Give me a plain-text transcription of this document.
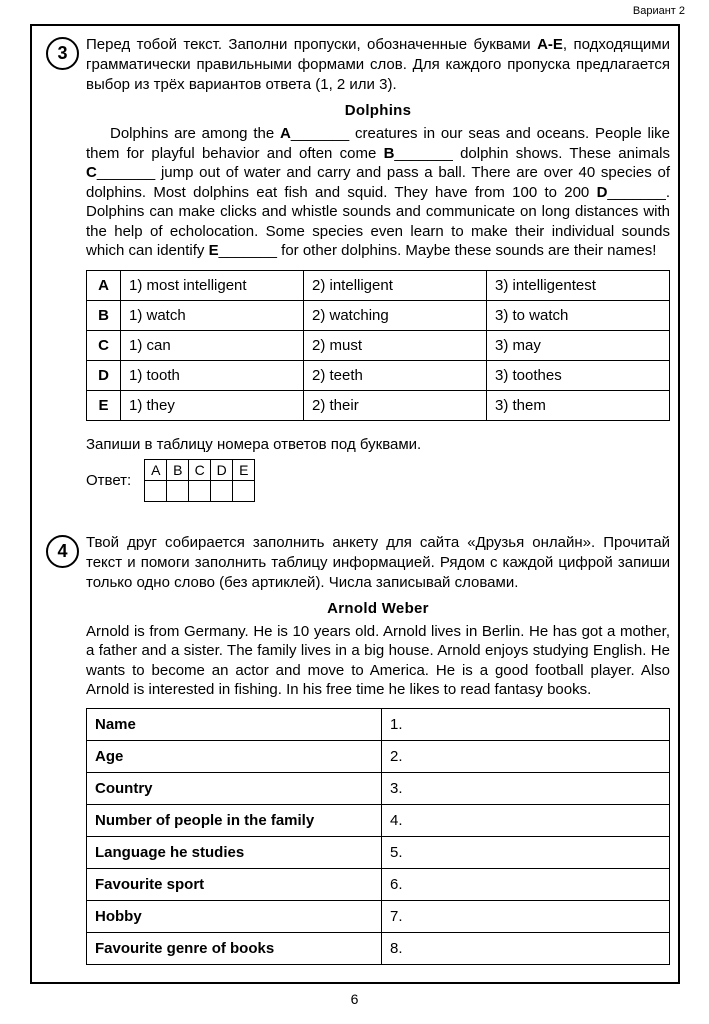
Вариант 2
3 Перед тобой текст. Заполни пропуски, обозначенные буквами А-Е, подходящими грамматически правильными формами слов. Для каждого пропуска предлагается выбор из трёх вариантов ответа (1, 2 или 3).

Dolphins

Dolphins are among the A_______ creatures in our seas and oceans. People like them for playful behavior and often come B_______ dolphin shows. These animals C_______ jump out of water and carry and pass a ball. There are over 40 species of dolphins. Most dolphins eat fish and squid. They have from 100 to 200 D_______. Dolphins can make clicks and whistle sounds and communicate on long distances with the help of echolocation. Some species even learn to make their individual sounds which can identify E_______ for other dolphins. Maybe these sounds are their names!

A	1) most intelligent	2) intelligent	3) intelligentest
B	1) watch	2) watching	3) to watch
C	1) can	2) must	3) may
D	1) tooth	2) teeth	3) toothes
E	1) they	2) their	3) them

Запиши в таблицу номера ответов под буквами.

Ответ:
A	B	C	D	E

4 Твой друг собирается заполнить анкету для сайта «Друзья онлайн». Прочитай текст и помоги заполнить таблицу информацией. Рядом с каждой цифрой запиши только одно слово (без артиклей). Числа записывай словами.

Arnold Weber

Arnold is from Germany. He is 10 years old. Arnold lives in Berlin. He has got a mother, a father and a sister. The family lives in a big house. Arnold enjoys studying English. He wants to become an actor and move to America. He is a good football player. Also Arnold is interested in fishing. In his free time he likes to read fantasy books.

Name	1.
Age	2.
Country	3.
Number of people in the family	4.
Language he studies	5.
Favourite sport	6.
Hobby	7.
Favourite genre of books	8.
6
